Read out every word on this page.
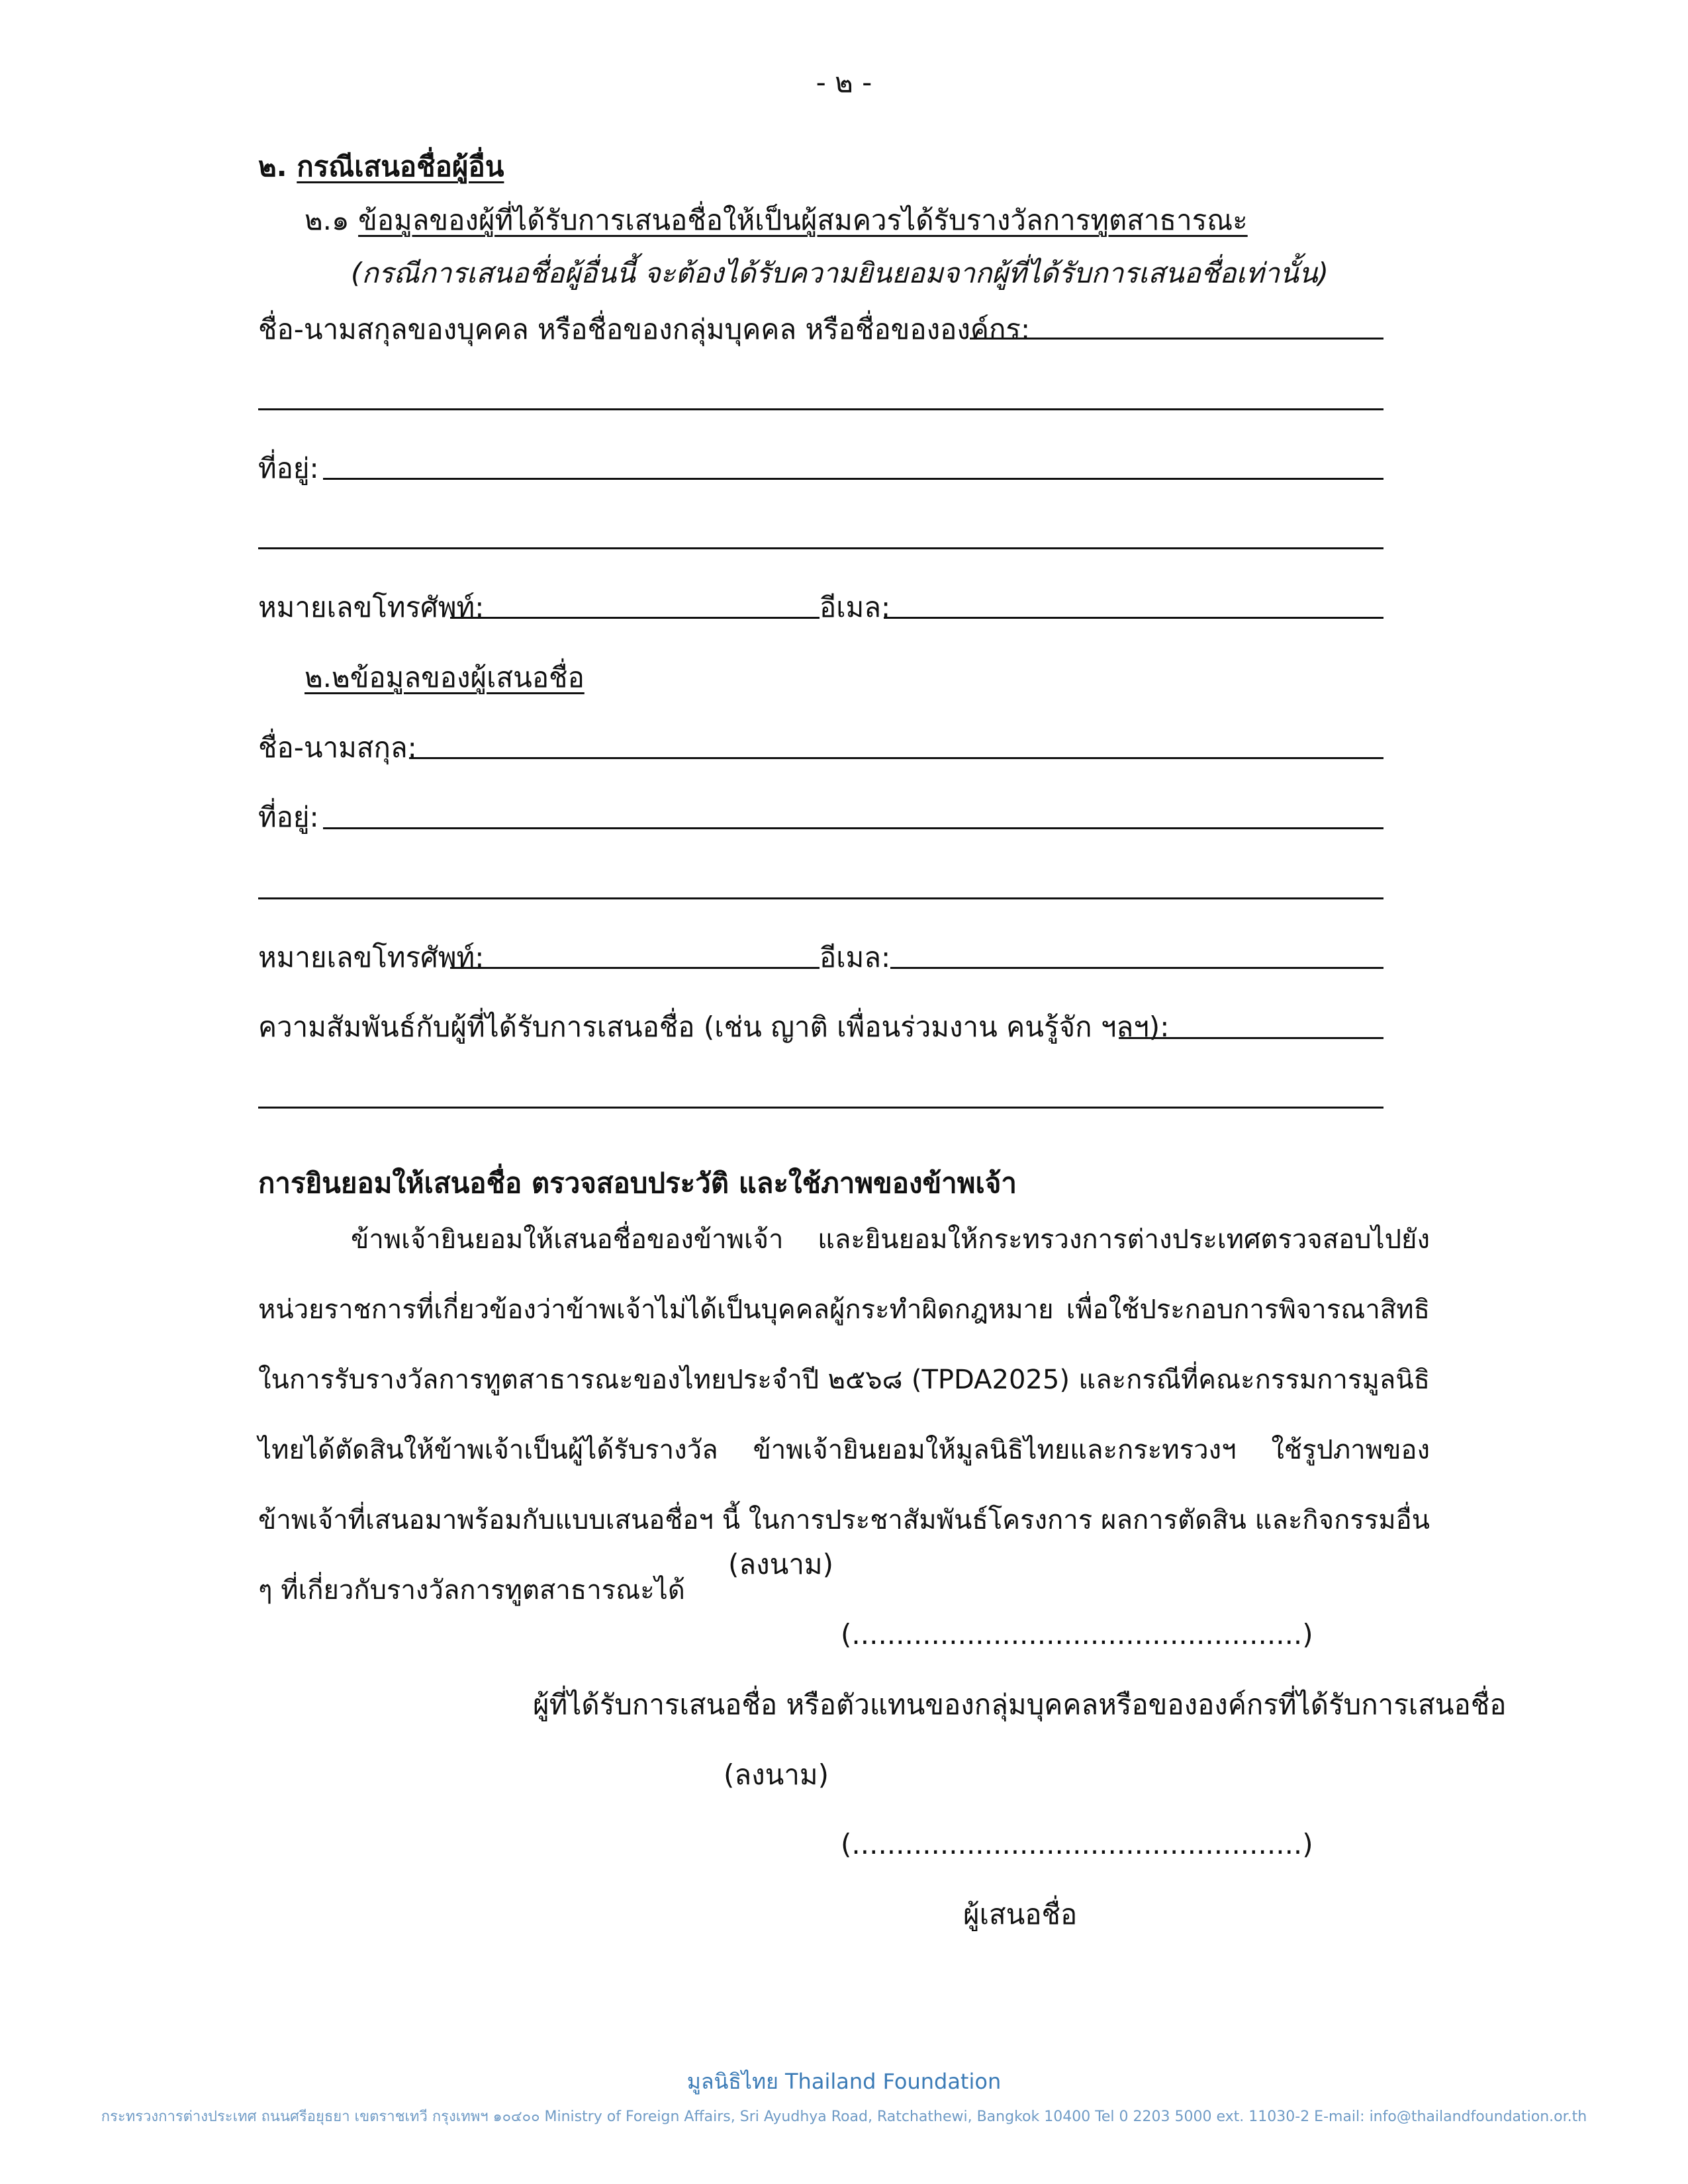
- ๒ -
๒. กรณีเสนอชื่อผู้อื่น
๒.๑ ข้อมูลของผู้ที่ได้รับการเสนอชื่อให้เป็นผู้สมควรได้รับรางวัลการทูตสาธารณะ
(กรณีการเสนอชื่อผู้อื่นนี้ จะต้องได้รับความยินยอมจากผู้ที่ได้รับการเสนอชื่อเท่านั้น)
ชื่อ-นามสกุลของบุคคล หรือชื่อของกลุ่มบุคคล หรือชื่อขององค์กร:
ที่อยู่:
หมายเลขโทรศัพท์:	อีเมล:
๒.๒ข้อมูลของผู้เสนอชื่อ
ชื่อ-นามสกุล:
ที่อยู่:
หมายเลขโทรศัพท์:	อีเมล:
ความสัมพันธ์กับผู้ที่ได้รับการเสนอชื่อ (เช่น ญาติ เพื่อนร่วมงาน คนรู้จัก ฯลฯ):
การยินยอมให้เสนอชื่อ ตรวจสอบประวัติ และใช้ภาพของข้าพเจ้า
ข้าพเจ้ายินยอมให้เสนอชื่อของข้าพเจ้า และยินยอมให้กระทรวงการต่างประเทศตรวจสอบไปยังหน่วยราชการที่เกี่ยวข้องว่าข้าพเจ้าไม่ได้เป็นบุคคลผู้กระทำผิดกฎหมาย เพื่อใช้ประกอบการพิจารณาสิทธิในการรับรางวัลการทูตสาธารณะของไทยประจำปี ๒๕๖๘ (TPDA2025) และกรณีที่คณะกรรมการมูลนิธิไทยได้ตัดสินให้ข้าพเจ้าเป็นผู้ได้รับรางวัล ข้าพเจ้ายินยอมให้มูลนิธิไทยและกระทรวงฯ ใช้รูปภาพของข้าพเจ้าที่เสนอมาพร้อมกับแบบเสนอชื่อฯ นี้ ในการประชาสัมพันธ์โครงการ ผลการตัดสิน และกิจกรรมอื่น ๆ ที่เกี่ยวกับรางวัลการทูตสาธารณะได้
(ลงนาม)
(...................................................)
ผู้ที่ได้รับการเสนอชื่อ หรือตัวแทนของกลุ่มบุคคลหรือขององค์กรที่ได้รับการเสนอชื่อ
(ลงนาม)
(...................................................)
ผู้เสนอชื่อ
มูลนิธิไทย Thailand Foundation
กระทรวงการต่างประเทศ ถนนศรีอยุธยา เขตราชเทวี กรุงเทพฯ ๑๐๔๐๐ Ministry of Foreign Affairs, Sri Ayudhya Road, Ratchathewi, Bangkok 10400 Tel 0 2203 5000 ext. 11030-2 E-mail: info@thailandfoundation.or.th
